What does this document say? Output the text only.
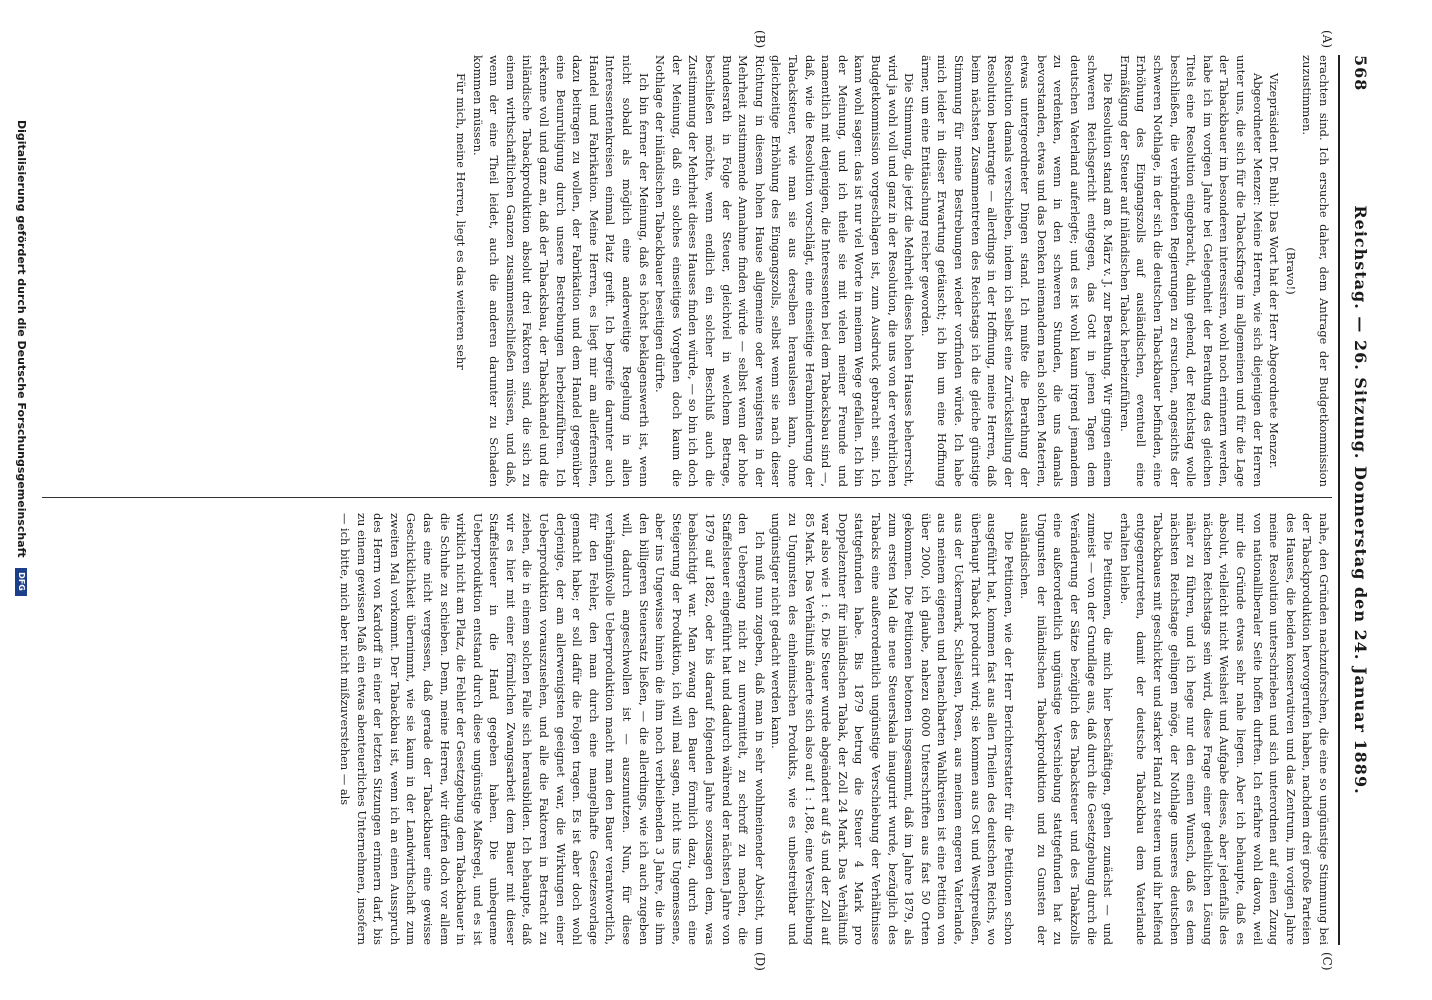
568
Reichstag. — 26. Sitzung. Donnerstag den 24. Januar 1889.
(A)
(B)
(C)
(D)

erachten sind. Ich ersuche daher, dem Antrage der Budgetkommission zuzustimmen.

(Bravo!)

Vizepräsident Dr. Buhl: Das Wort hat der Herr Abgeordnete Menzer.

Abgeordneter Menzer: Meine Herren, wie sich diejenigen der Herren unter uns, die sich für die Tabacksfrage im allgemeinen und für die Lage der Tabackbauer im besonderen interessiren, wohl noch erinnern werden, habe ich im vorigen Jahre bei Gelegenheit der Berathung des gleichen Titels eine Resolution eingebracht, dahin gehend, der Reichstag wolle beschließen, die verbündeten Regierungen zu ersuchen, angesichts der schweren Nothlage, in der sich die deutschen Tabackbauer befinden, eine Erhöhung des Eingangszolls auf ausländischen, eventuell eine Ermäßigung der Steuer auf inländischen Taback herbeizuführen.

Die Resolution stand am 8. März v. J. zur Berathung. Wir gingen einem schweren Reichsgericht entgegen, das Gott in jenen Tagen dem deutschen Vaterland auferlegte; und es ist wohl kaum irgend jemandem zu verdenken, wenn in den schweren Stunden, die uns damals bevorstanden, etwas und das Denken niemandem nach solchen Materien, etwas untergeordneter Dingen stand. Ich mußte die Berathung der Resolution damals verschieben, indem ich selbst eine Zurückstellung der Resolution beantragte — allerdings in der Hoffnung, meine Herren, daß beim nächsten Zusammentreten des Reichstags ich die gleiche günstige Stimmung für meine Bestrebungen wieder vorfinden würde. Ich habe mich leider in dieser Erwartung getäuscht; ich bin um eine Hoffnung ärmer, um eine Enttäuschung reicher geworden.

Die Stimmung, die jetzt die Mehrheit dieses hohen Hauses beherrscht, wird ja wohl voll und ganz in der Resolution, die uns von der verehrlichen Budgetkommission vorgeschlagen ist, zum Ausdruck gebracht sein. Ich kann wohl sagen: das ist nur viel Worte in meinem Wege gefallen. Ich bin der Meinung, und ich theile sie mit vielen meiner Freunde und namentlich mit denjenigen, die Interessenten bei dem Tabacksbau sind —, daß, wie die Resolution vorschlägt, eine einseitige Herabminderung der Tabacksteuer, wie man sie aus derselben herauslesen kann, ohne gleichzeitige Erhöhung des Eingangszolls, selbst wenn sie nach dieser Richtung in diesem hohen Hause allgemeine oder wenigstens in der Mehrheit zustimmende Annahme finden würde — selbst wenn der hohe Bundesrath in Folge der Steuer, gleichviel in welchem Betrage, beschließen möchte, wenn endlich ein solcher Beschluß auch die Zustimmung der Mehrheit dieses Hauses finden würde, — so bin ich doch der Meinung, daß ein solches einseitiges Vorgehen doch kaum die Nothlage der inländischen Tabackbauer beseitigen dürfte.

Ich bin ferner der Meinung, daß es höchst beklagenswerth ist, wenn nicht sobald als möglich eine anderweitige Regelung in allen Interessentenkreisen einmal Platz greift. Ich begreife darunter auch Handel und Fabrikation. Meine Herren, es liegt mir am allerfernsten, dazu beitragen zu wollen, der Fabrikation und dem Handel gegenüber eine Beunruhigung durch unsere Bestrebungen herbeizuführen. Ich erkenne voll und ganz an, daß der Tabacksbau, der Tabackhandel und die inländische Tabackproduktion absolut drei Faktoren sind, die sich zu einem wirthschaftlichen Ganzen zusammenschließen müssen, und daß, wenn der eine Theil leidet, auch die anderen darunter zu Schaden kommen müssen.

Für mich, meine Herren, liegt es das weiteren sehr

nahe, den Gründen nachzuforschen, die eine so ungünstige Stimmung bei der Tabackproduktion hervorgerufen haben, nachdem drei große Parteien des Hauses, die beiden konservativen und das Zentrum, im vorigen Jahre meine Resolution unterschrieben und sich unterordnen auf einen Zuzug von nationalliberaler Seite hoffen durften. Ich erfahre wohl davon, weil mir die Gründe etwas sehr nahe liegen. Aber ich behaupte, daß es absolut, vielleicht nicht Weisheit und Aufgabe dieses, aber jedenfalls des nächsten Reichstags sein wird, diese Frage einer gedeihlichen Lösung näher zu führen, und ich hege nur den einen Wunsch, daß es dem nächsten Reichstage gelingen möge, der Nothlage unseres deutschen Tabackbaues mit geschickter und starker Hand zu steuern und ihr helfend entgegenzutreten, damit der deutsche Tabackbau dem Vaterlande erhalten bleibe.

Die Petitionen, die mich hier beschäftigen, gehen zunächst — und zumeist — von der Grundlage aus, daß durch die Gesetzgebung durch die Veränderung der Sätze bezüglich des Tabacksteuer und des Tabakzolls eine außerordentlich ungünstige Verschiebung stattgefunden hat zu Ungunsten der inländischen Tabackproduktion und zu Gunsten der ausländischen.

Die Petitionen, wie der Herr Berichterstatter für die Petitionen schon ausgeführt hat, kommen fast aus allen Theilen des deutschen Reichs, wo überhaupt Taback producirt wird; sie kommen aus Ost und Westpreußen, aus der Uckermark, Schlesien, Posen, aus meinem engeren Vaterlande, aus meinem eigenen und benachbarten Wahlkreisen ist eine Petition von über 2000, ich glaube, nahezu 6000 Unterschriften aus fast 50 Orten gekommen. Die Petitionen betonen insgesammt, daß im Jahre 1879, als zum ersten Mal die neue Steuerskala inaugurirt wurde, bezüglich des Tabacks eine außerordentlich ungünstige Verschiebung der Verhältnisse stattgefunden habe. Bis 1879 betrug die Steuer 4 Mark pro Doppelzentner für inländischen Tabak, der Zoll 24 Mark. Das Verhältniß war also wie 1 : 6. Die Steuer wurde abgeändert auf 45 und der Zoll auf 85 Mark. Das Verhältniß änderte sich also auf 1 : 1,88, eine Verschiebung zu Ungunsten des einheimischen Produkts, wie es unbestreitbar und ungünstiger nicht gedacht werden kann.

Ich muß nun zugeben, daß man in sehr wohlmeinender Absicht, um den Uebergang nicht zu unvermittelt, zu schroff zu machen, die Staffelsteuer eingeführt hat und dadurch während der nächsten Jahre von 1879 auf 1882, oder bis darauf folgenden Jahre sozusagen dem, was beabsichtigt war. Man zwang den Bauer förmlich dazu, durch eine Steigerung der Produktion, ich will mal sagen, nicht ins Ungemessene, aber ins Ungewisse hinein die ihm noch verbleibenden 3 Jahre, die ihm den billigeren Steuersatz ließen, — die allerdings, wie ich auch zugeben will, dadurch angeschwollen ist — auszunutzen. Nun, für diese verhängnißvolle Ueberproduktion macht man den Bauer verantwortlich, für den Fehler, den man durch eine mangelhafte Gesetzesvorlage gemacht habe; er soll dafür die Folgen tragen. Es ist aber doch wohl derjenige, der am allerwenigsten geeignet war, die Wirkungen einer Ueberproduktion vorauszusehen, und alle die Faktoren in Betracht zu ziehen, die in einem solchen Falle sich herausbilden. Ich behaupte, daß wir es hier mit einer förmlichen Zwangsarbeit dem Bauer mit dieser Staffelsteuer in die Hand gegeben haben. Die unbequeme Ueberproduktion entstand durch diese ungünstige Maßregel, und es ist wirklich nicht am Platz, die Fehler der Gesetzgebung dem Tabackbauer in die Schuhe zu schieben. Denn, meine Herren, wir dürfen doch vor allem das eine nicht vergessen, daß gerade der Tabackbauer eine gewisse Geschicklichkeit übernimmt, wie sie kaum in der Landwirthschaft zum zweiten Mal vorkommt. Der Tabackbau ist, wenn ich an einen Ausspruch des Herrn von Kardorff in einer der letzten Sitzungen erinnern darf, bis zu einem gewissen Maß ein etwas abenteuerliches Unternehmen, insofern — ich bitte, mich aber nicht mißzuverstehen — als

Digitalisierung gefördert durch die Deutsche Forschungsgemeinschaft DFG
